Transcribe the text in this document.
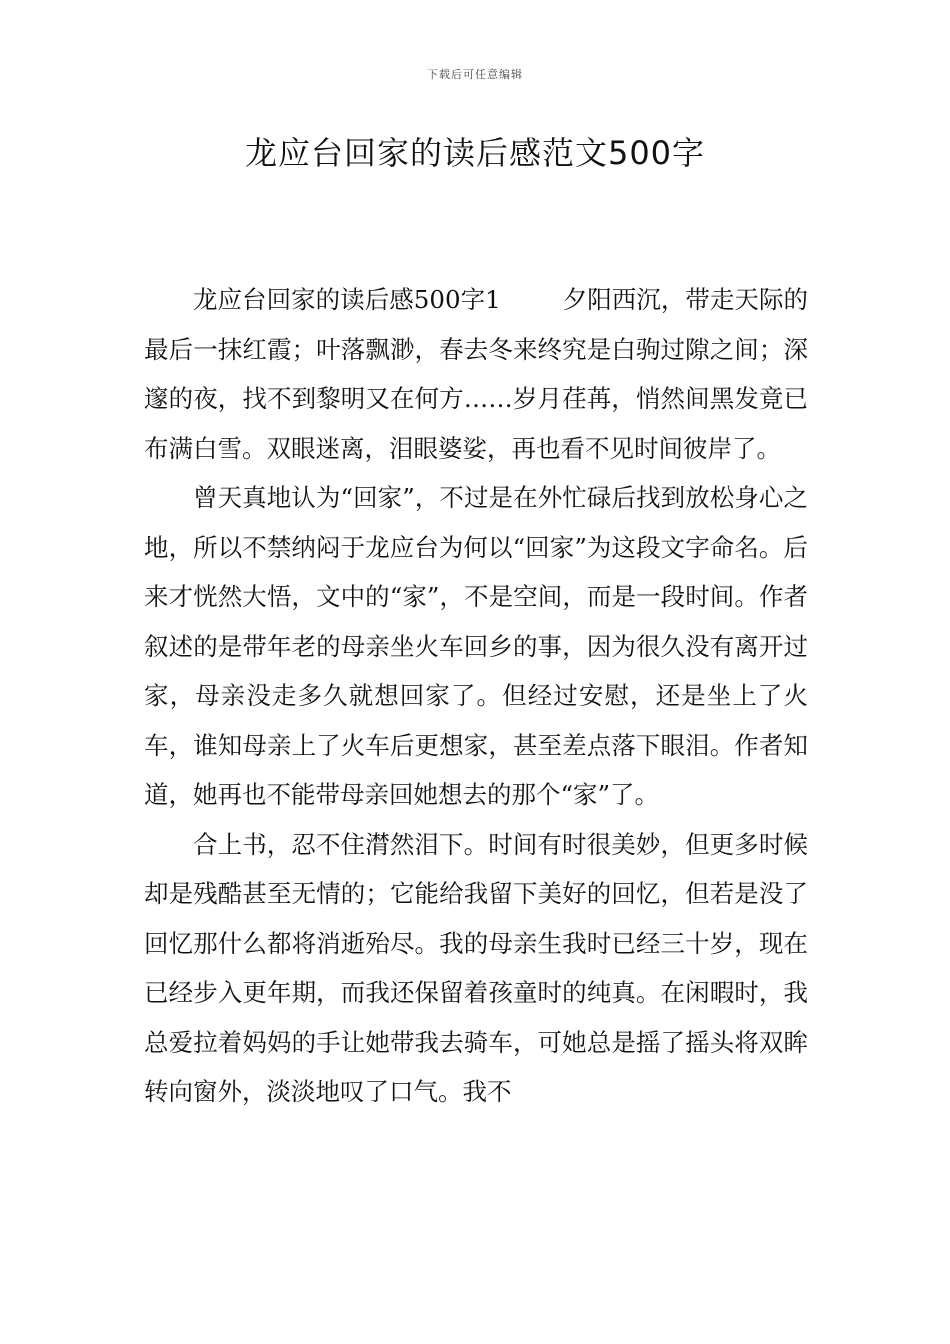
下载后可任意编辑
龙应台回家的读后感范文500字

龙应台回家的读后感500字1	夕阳西沉，带走天际的最后一抹红霞；叶落飘渺，春去冬来终究是白驹过隙之间；深邃的夜，找不到黎明又在何方……岁月荏苒，悄然间黑发竟已布满白雪。双眼迷离，泪眼婆娑，再也看不见时间彼岸了。

曾天真地认为“回家”，不过是在外忙碌后找到放松身心之地，所以不禁纳闷于龙应台为何以“回家”为这段文字命名。后来才恍然大悟，文中的“家”，不是空间，而是一段时间。作者叙述的是带年老的母亲坐火车回乡的事，因为很久没有离开过家，母亲没走多久就想回家了。但经过安慰，还是坐上了火车，谁知母亲上了火车后更想家，甚至差点落下眼泪。作者知道，她再也不能带母亲回她想去的那个“家”了。

合上书，忍不住潸然泪下。时间有时很美妙，但更多时候却是残酷甚至无情的；它能给我留下美好的回忆，但若是没了回忆那什么都将消逝殆尽。我的母亲生我时已经三十岁，现在已经步入更年期，而我还保留着孩童时的纯真。在闲暇时，我总爱拉着妈妈的手让她带我去骑车，可她总是摇了摇头将双眸转向窗外，淡淡地叹了口气。我不
